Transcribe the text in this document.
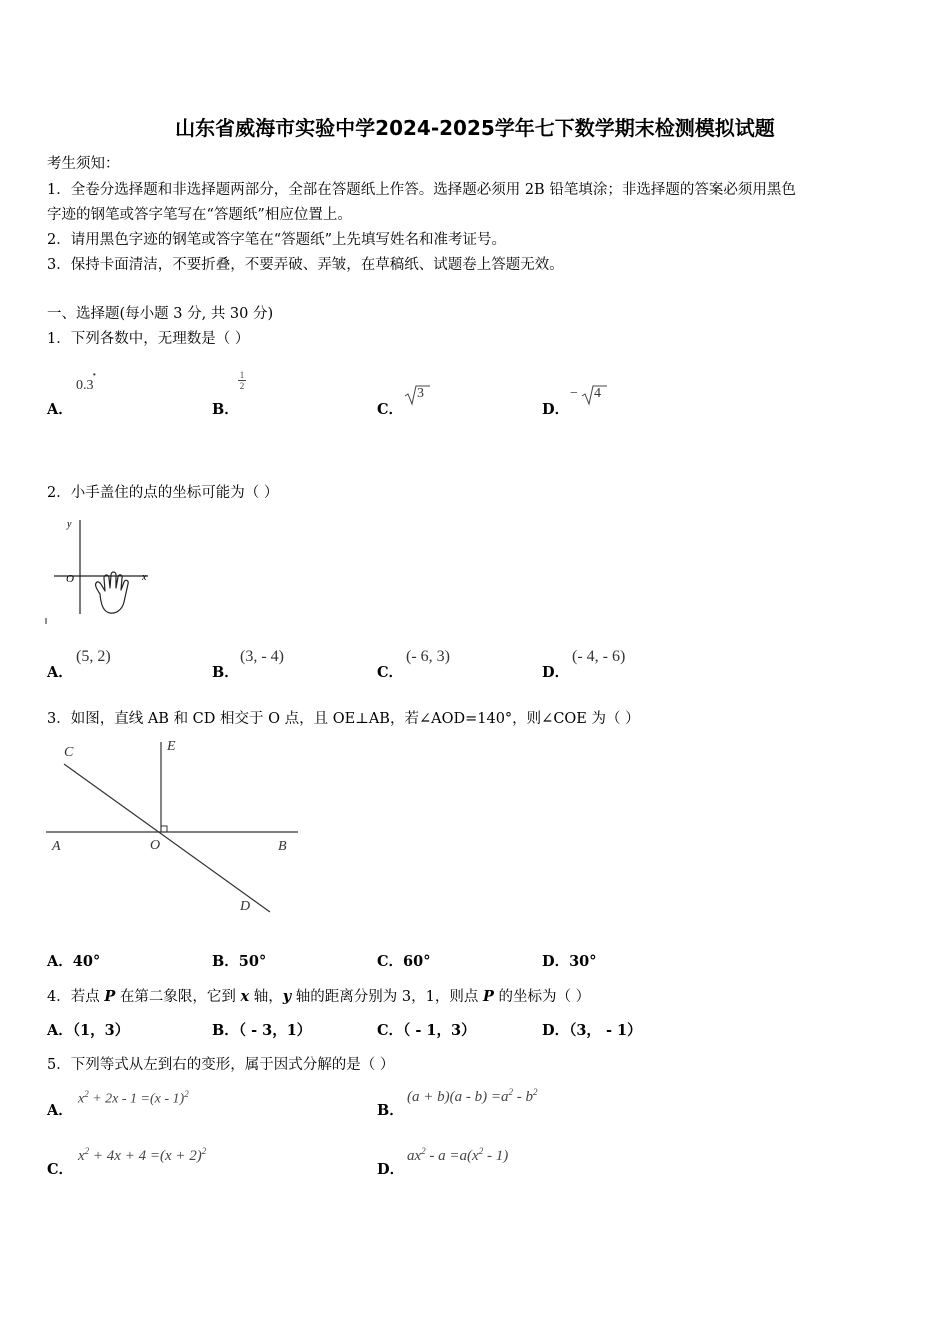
山东省威海市实验中学2024-2025学年七下数学期末检测模拟试题
考生须知：
1．全卷分选择题和非选择题两部分，全部在答题纸上作答。选择题必须用 2B 铅笔填涂；非选择题的答案必须用黑色
字迹的钢笔或答字笔写在“答题纸”相应位置上。
2．请用黑色字迹的钢笔或答字笔在“答题纸”上先填写姓名和准考证号。
3．保持卡面清洁，不要折叠，不要弄破、弄皱，在草稿纸、试题卷上答题无效。
一、选择题(每小题 3 分, 共 30 分)
1．下列各数中，无理数是（ ）
A．
0.3
·
B．
1
2
C．
3
D．
− 4
2．小手盖住的点的坐标可能为（ ）
y
x
O
A．
(5, 2)
B．
(3, - 4)
C．
(- 6, 3)
D．
(- 4, - 6)
3．如图，直线 AB 和 CD 相交于 O 点，且 OE⊥AB，若∠AOD=140°，则∠COE 为（ ）
C	E
A	O	B
D
A．40°	B．50°	C．60°	D．30°
4．若点 P 在第二象限，它到 x 轴，y 轴的距离分别为 3，1，则点 P 的坐标为（ ）
A．（1，3）	B．（ - 3，1）	C．（ - 1，3）	D．（3， - 1）
5．下列等式从左到右的变形，属于因式分解的是（ ）
A．
$x^2 + 2x - 1 =(x - 1)^2$
B．
$(a + b)(a - b) =a^2 - b^2$
C．
$x^2 + 4x + 4 =(x + 2)^2$
D．
$ax^2 - a =a(x^2 - 1)$
